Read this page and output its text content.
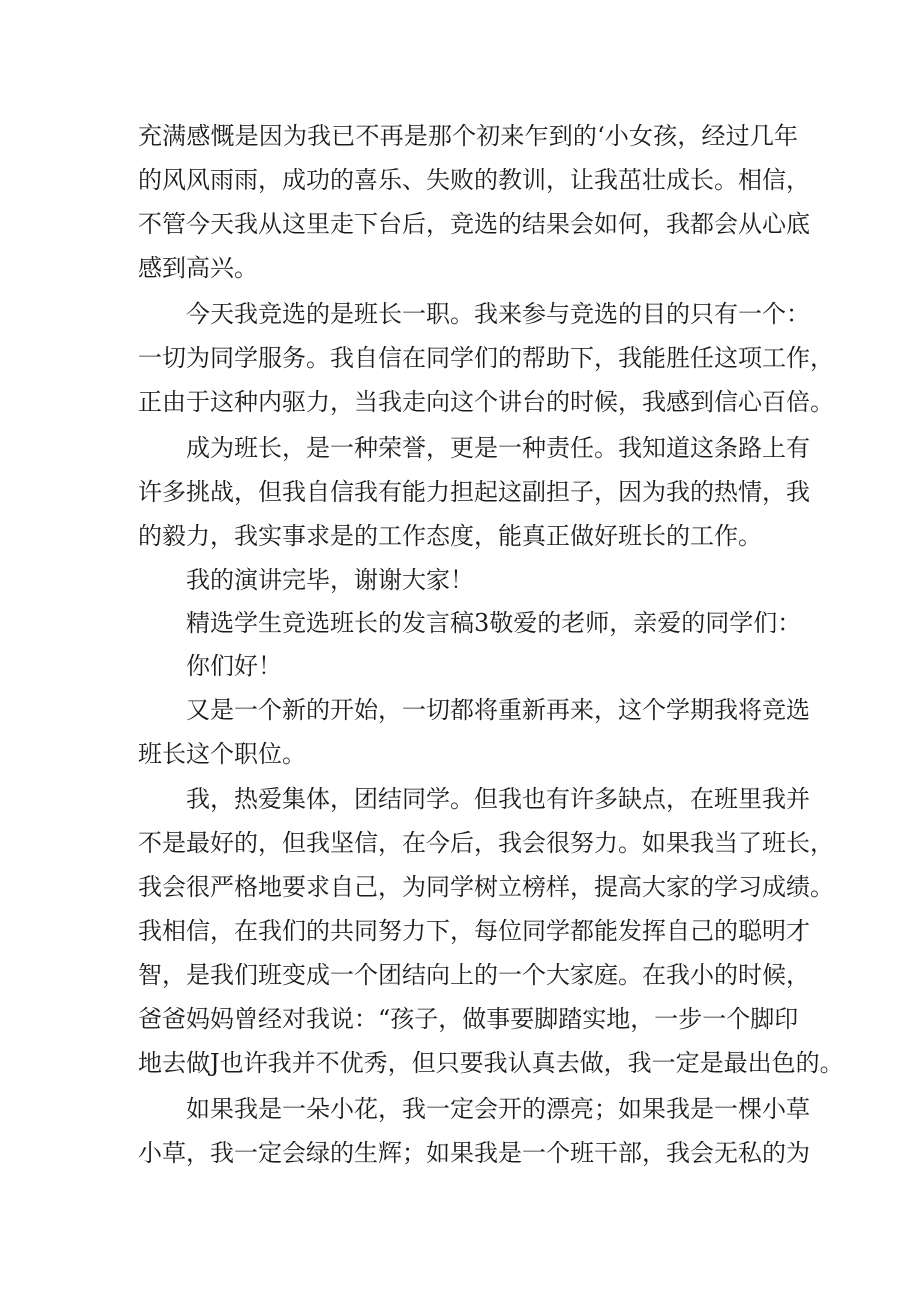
充满感慨是因为我已不再是那个初来乍到的‘小女孩，经过几年
的风风雨雨，成功的喜乐、失败的教训，让我茁壮成长。相信，
不管今天我从这里走下台后，竞选的结果会如何，我都会从心底
感到高兴。
今天我竞选的是班长一职。我来参与竞选的目的只有一个：
一切为同学服务。我自信在同学们的帮助下，我能胜任这项工作，
正由于这种内驱力，当我走向这个讲台的时候，我感到信心百倍。
成为班长，是一种荣誉，更是一种责任。我知道这条路上有
许多挑战，但我自信我有能力担起这副担子，因为我的热情，我
的毅力，我实事求是的工作态度，能真正做好班长的工作。
我的演讲完毕，谢谢大家！
精选学生竞选班长的发言稿3敬爱的老师，亲爱的同学们：
你们好！
又是一个新的开始，一切都将重新再来，这个学期我将竞选
班长这个职位。
我，热爱集体，团结同学。但我也有许多缺点，在班里我并
不是最好的，但我坚信，在今后，我会很努力。如果我当了班长，
我会很严格地要求自己，为同学树立榜样，提高大家的学习成绩。
我相信，在我们的共同努力下，每位同学都能发挥自己的聪明才
智，是我们班变成一个团结向上的一个大家庭。在我小的时候，
爸爸妈妈曾经对我说：“孩子，做事要脚踏实地，一步一个脚印
地去做J也许我并不优秀，但只要我认真去做，我一定是最出色的。
如果我是一朵小花，我一定会开的漂亮；如果我是一棵小草
小草，我一定会绿的生辉；如果我是一个班干部，我会无私的为
